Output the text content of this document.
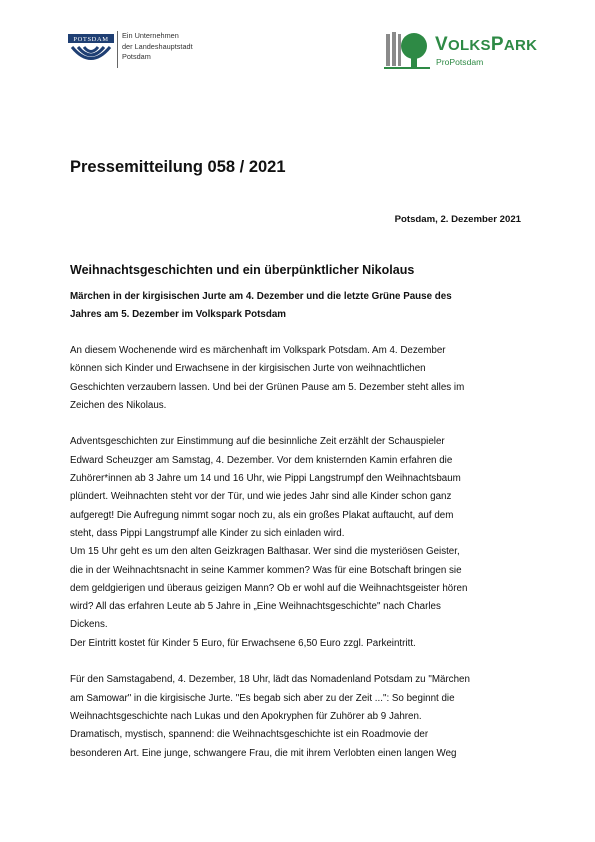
POTSDAM Ein Unternehmen
der Landeshauptstadt
Potsdam
VOLKSPARK
ProPotsdam
Pressemitteilung 058 / 2021
Potsdam, 2. Dezember 2021
Weihnachtsgeschichten und ein überpünktlicher Nikolaus
Märchen in der kirgisischen Jurte am 4. Dezember und die letzte Grüne Pause des
Jahres am 5. Dezember im Volkspark Potsdam

An diesem Wochenende wird es märchenhaft im Volkspark Potsdam. Am 4. Dezember
können sich Kinder und Erwachsene in der kirgisischen Jurte von weihnachtlichen
Geschichten verzaubern lassen. Und bei der Grünen Pause am 5. Dezember steht alles im
Zeichen des Nikolaus.

Adventsgeschichten zur Einstimmung auf die besinnliche Zeit erzählt der Schauspieler
Edward Scheuzger am Samstag, 4. Dezember. Vor dem knisternden Kamin erfahren die
Zuhörer*innen ab 3 Jahre um 14 und 16 Uhr, wie Pippi Langstrumpf den Weihnachtsbaum
plündert. Weihnachten steht vor der Tür, und wie jedes Jahr sind alle Kinder schon ganz
aufgeregt! Die Aufregung nimmt sogar noch zu, als ein großes Plakat auftaucht, auf dem
steht, dass Pippi Langstrumpf alle Kinder zu sich einladen wird.
Um 15 Uhr geht es um den alten Geizkragen Balthasar. Wer sind die mysteriösen Geister,
die in der Weihnachtsnacht in seine Kammer kommen? Was für eine Botschaft bringen sie
dem geldgierigen und überaus geizigen Mann? Ob er wohl auf die Weihnachtsgeister hören
wird? All das erfahren Leute ab 5 Jahre in „Eine Weihnachtsgeschichte" nach Charles
Dickens.
Der Eintritt kostet für Kinder 5 Euro, für Erwachsene 6,50 Euro zzgl. Parkeintritt.

Für den Samstagabend, 4. Dezember, 18 Uhr, lädt das Nomadenland Potsdam zu "Märchen
am Samowar" in die kirgisische Jurte. "Es begab sich aber zu der Zeit ...": So beginnt die
Weihnachtsgeschichte nach Lukas und den Apokryphen für Zuhörer ab 9 Jahren.
Dramatisch, mystisch, spannend: die Weihnachtsgeschichte ist ein Roadmovie der
besonderen Art. Eine junge, schwangere Frau, die mit ihrem Verlobten einen langen Weg
